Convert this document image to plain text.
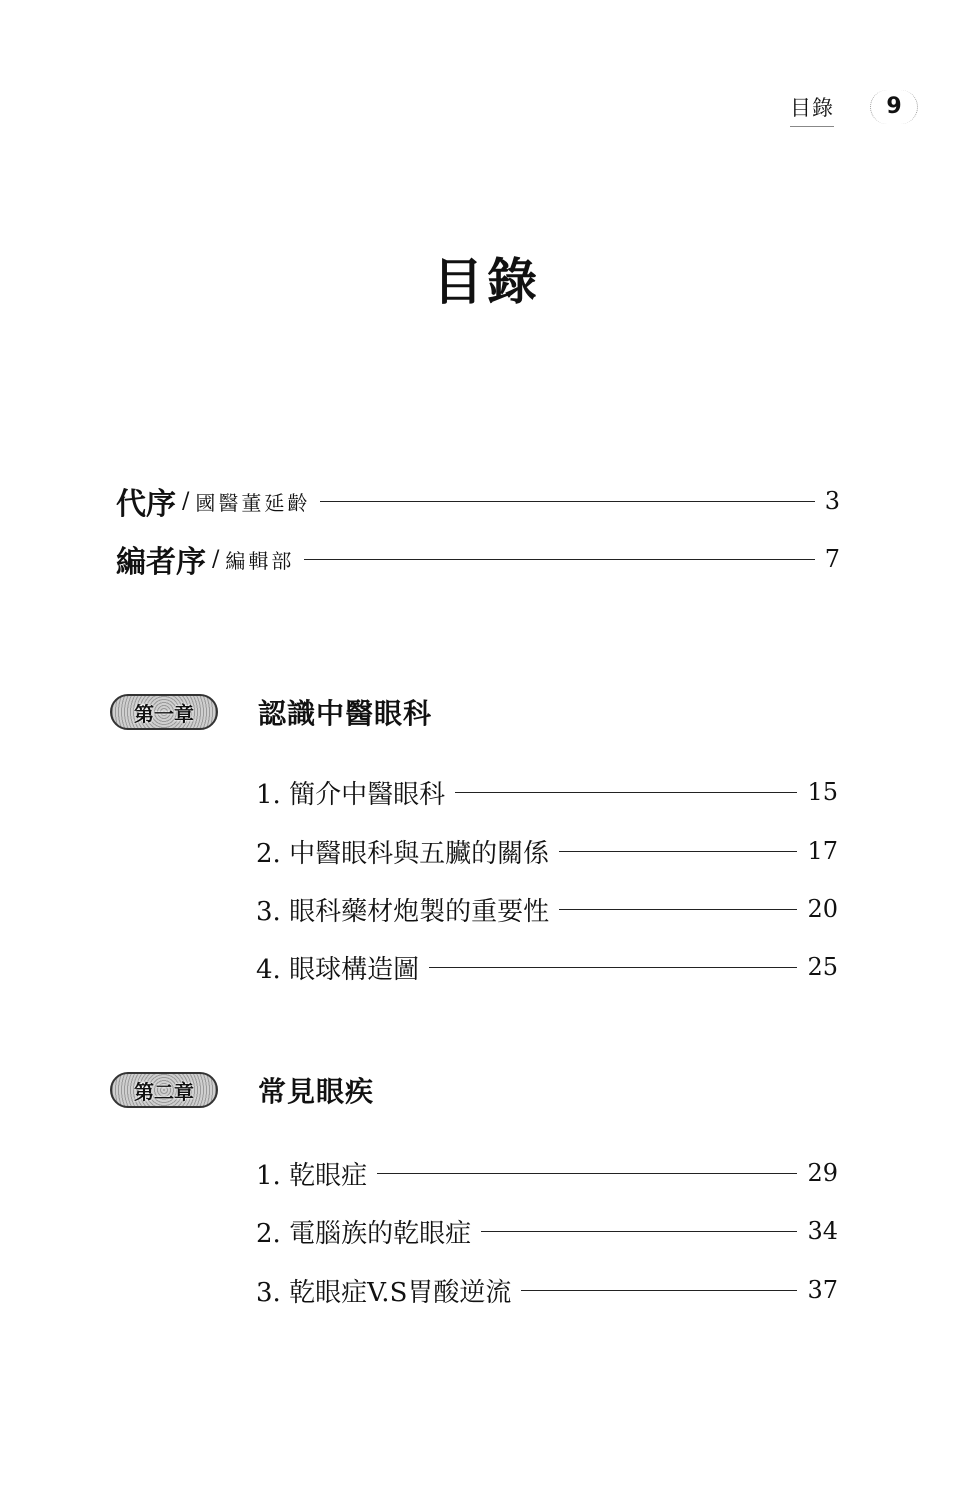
目錄	9
目錄
代序 / 國醫董延齡	3
編者序 / 編輯部	7
第一章	認識中醫眼科
1. 簡介中醫眼科	15
2. 中醫眼科與五臟的關係	17
3. 眼科藥材炮製的重要性	20
4. 眼球構造圖	25
第二章	常見眼疾
1. 乾眼症	29
2. 電腦族的乾眼症	34
3. 乾眼症V.S胃酸逆流	37
